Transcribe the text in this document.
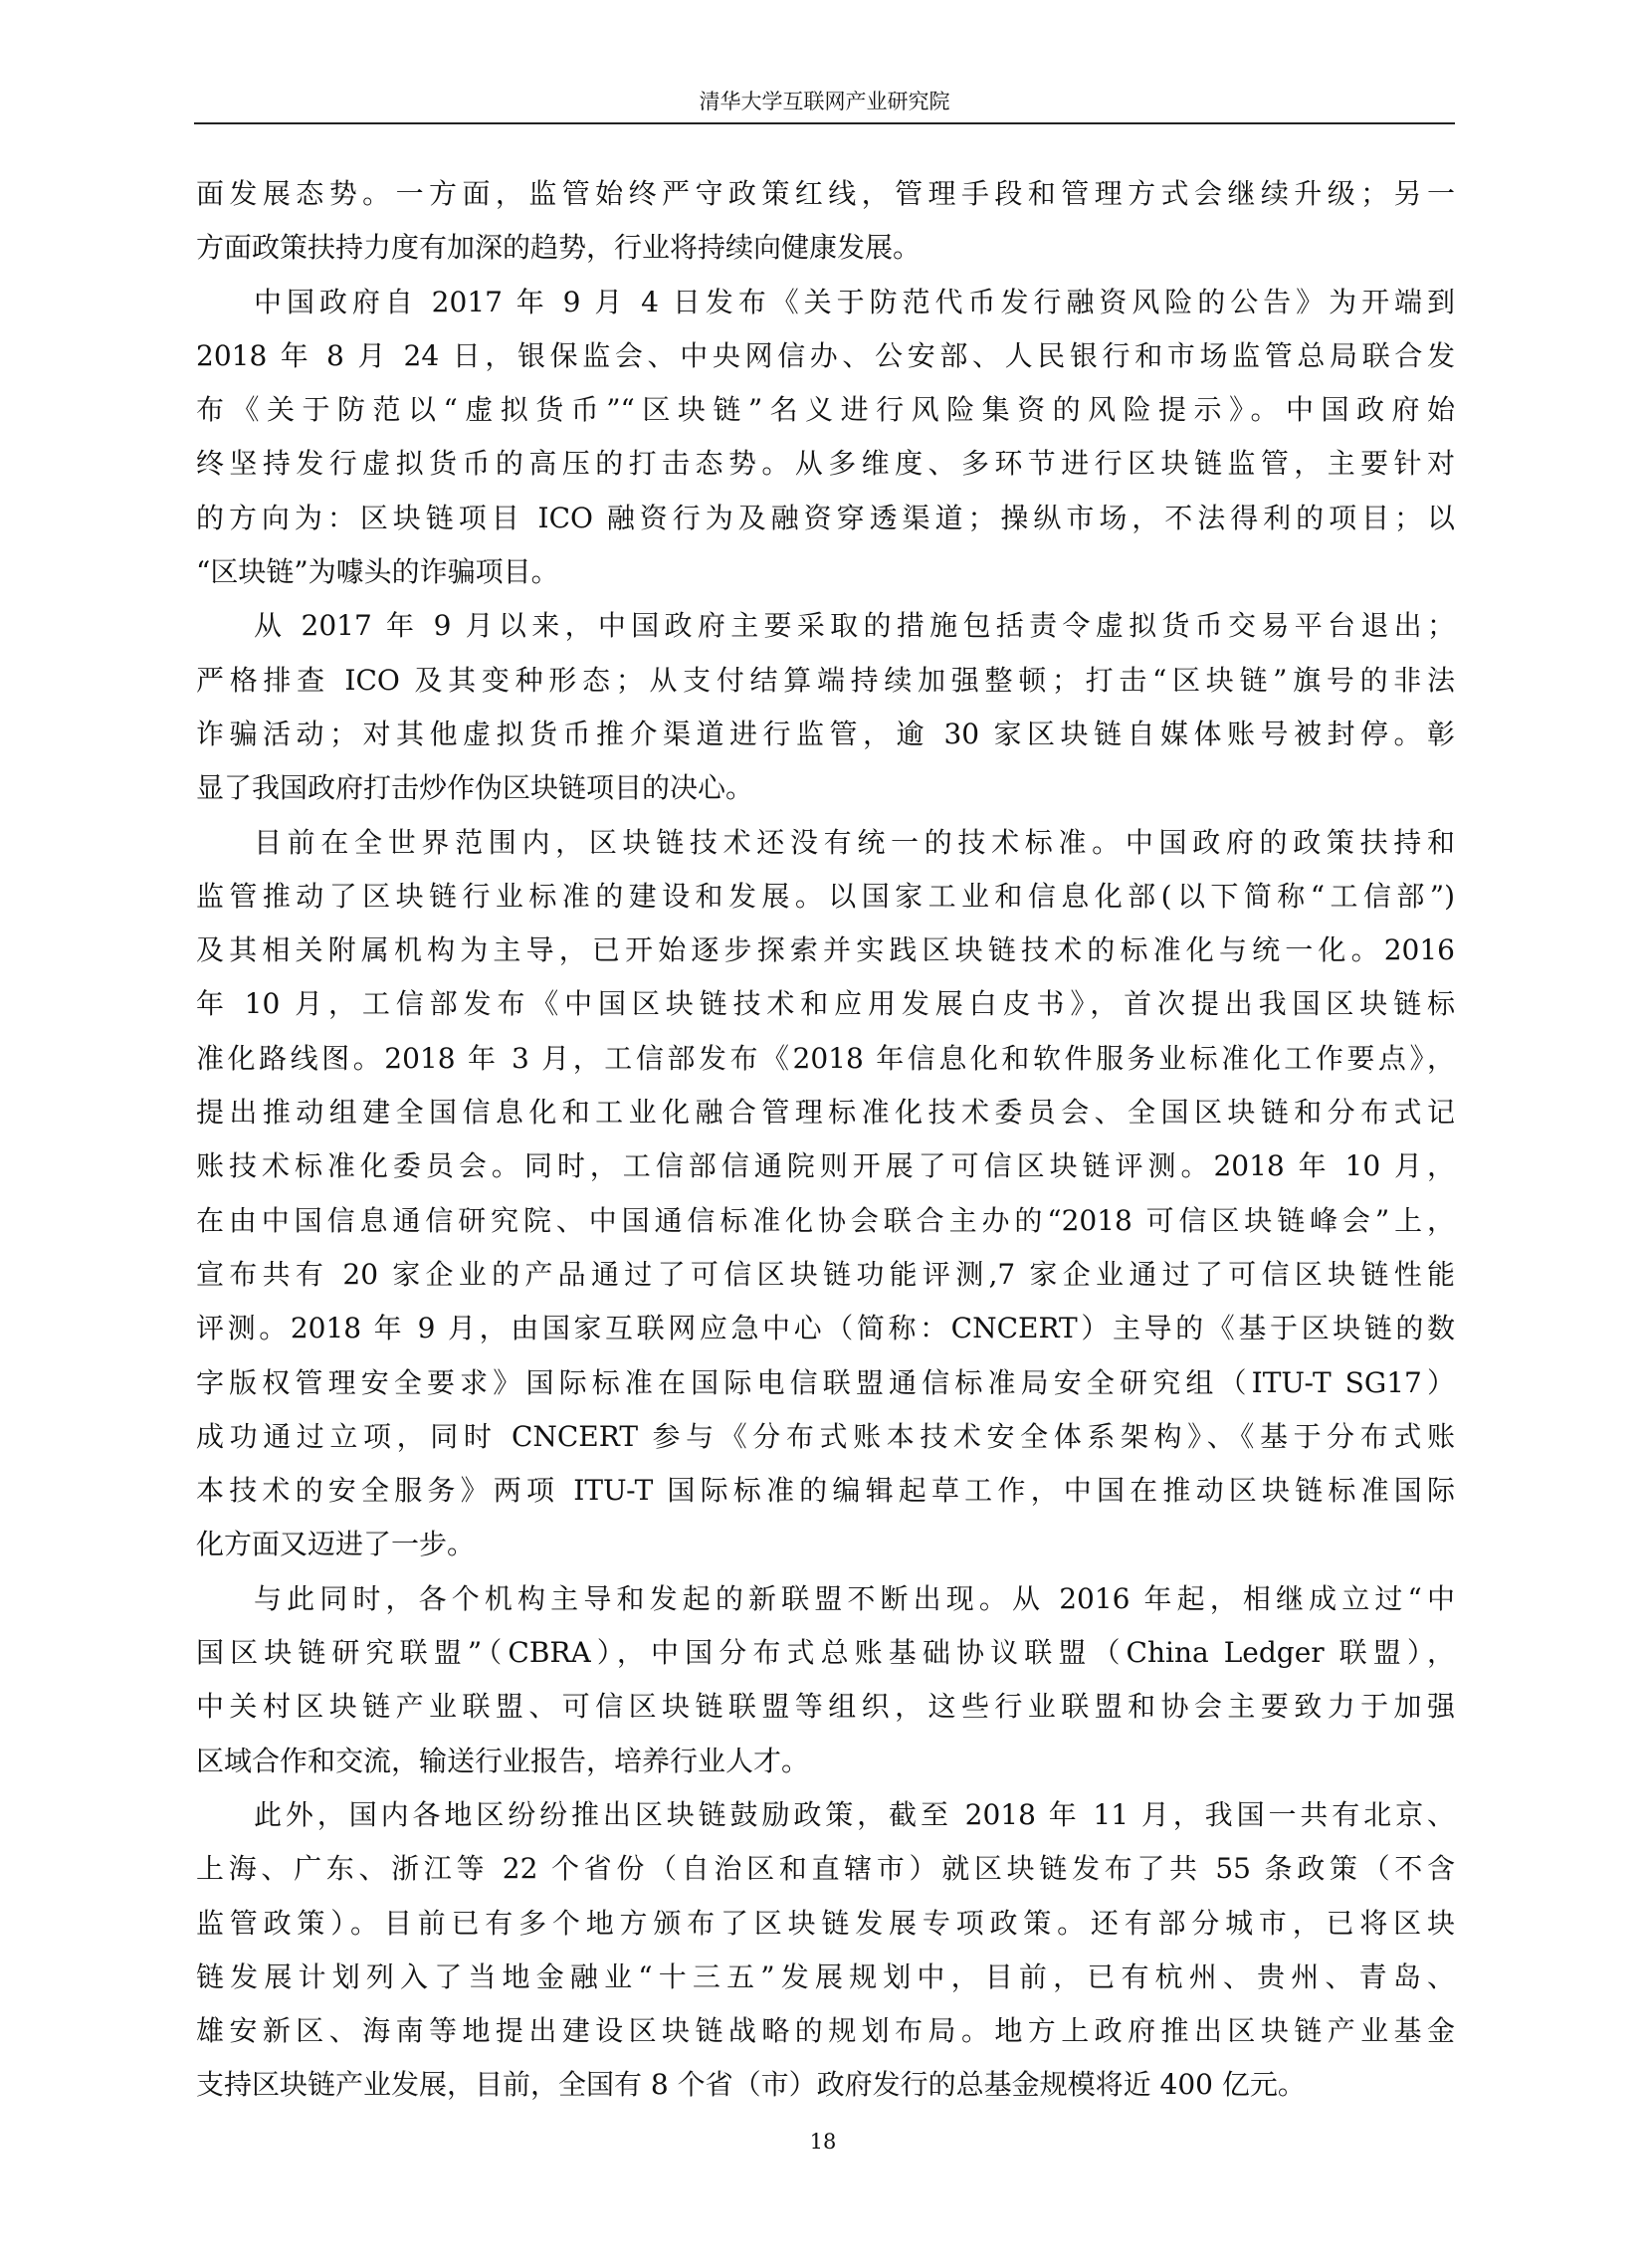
清华大学互联网产业研究院
面发展态势。一方面，监管始终严守政策红线，管理手段和管理方式会继续升级；另一
方面政策扶持力度有加深的趋势，行业将持续向健康发展。
中国政府自 2017 年 9 月 4 日发布《关于防范代币发行融资风险的公告》为开端到
2018 年 8 月 24 日，银保监会、中央网信办、公安部、人民银行和市场监管总局联合发
布《关于防范以“虚拟货币”“区块链”名义进行风险集资的风险提示》。中国政府始
终坚持发行虚拟货币的高压的打击态势。从多维度、多环节进行区块链监管，主要针对
的方向为：区块链项目 ICO 融资行为及融资穿透渠道；操纵市场，不法得利的项目；以
“区块链”为噱头的诈骗项目。
从 2017 年 9 月以来，中国政府主要采取的措施包括责令虚拟货币交易平台退出；
严格排查 ICO 及其变种形态；从支付结算端持续加强整顿；打击“区块链”旗号的非法
诈骗活动；对其他虚拟货币推介渠道进行监管，逾 30 家区块链自媒体账号被封停。彰
显了我国政府打击炒作伪区块链项目的决心。
目前在全世界范围内，区块链技术还没有统一的技术标准。中国政府的政策扶持和
监管推动了区块链行业标准的建设和发展。以国家工业和信息化部(以下简称“工信部”)
及其相关附属机构为主导，已开始逐步探索并实践区块链技术的标准化与统一化。2016
年 10 月，工信部发布《中国区块链技术和应用发展白皮书》，首次提出我国区块链标
准化路线图。2018 年 3 月，工信部发布《2018 年信息化和软件服务业标准化工作要点》，
提出推动组建全国信息化和工业化融合管理标准化技术委员会、全国区块链和分布式记
账技术标准化委员会。同时，工信部信通院则开展了可信区块链评测。2018 年 10 月，
在由中国信息通信研究院、中国通信标准化协会联合主办的“2018 可信区块链峰会”上，
宣布共有 20 家企业的产品通过了可信区块链功能评测,7 家企业通过了可信区块链性能
评测。2018 年 9 月，由国家互联网应急中心（简称：CNCERT）主导的《基于区块链的数
字版权管理安全要求》国际标准在国际电信联盟通信标准局安全研究组（ITU-T SG17）
成功通过立项，同时 CNCERT 参与《分布式账本技术安全体系架构》、《基于分布式账
本技术的安全服务》两项 ITU-T 国际标准的编辑起草工作，中国在推动区块链标准国际
化方面又迈进了一步。
与此同时，各个机构主导和发起的新联盟不断出现。从 2016 年起，相继成立过“中
国区块链研究联盟”（CBRA），中国分布式总账基础协议联盟（China Ledger 联盟），
中关村区块链产业联盟、可信区块链联盟等组织，这些行业联盟和协会主要致力于加强
区域合作和交流，输送行业报告，培养行业人才。
此外，国内各地区纷纷推出区块链鼓励政策，截至 2018 年 11 月，我国一共有北京、
上海、广东、浙江等 22 个省份（自治区和直辖市）就区块链发布了共 55 条政策（不含
监管政策）。目前已有多个地方颁布了区块链发展专项政策。还有部分城市，已将区块
链发展计划列入了当地金融业“十三五”发展规划中，目前，已有杭州、贵州、青岛、
雄安新区、海南等地提出建设区块链战略的规划布局。地方上政府推出区块链产业基金
支持区块链产业发展，目前，全国有 8 个省（市）政府发行的总基金规模将近 400 亿元。
18
